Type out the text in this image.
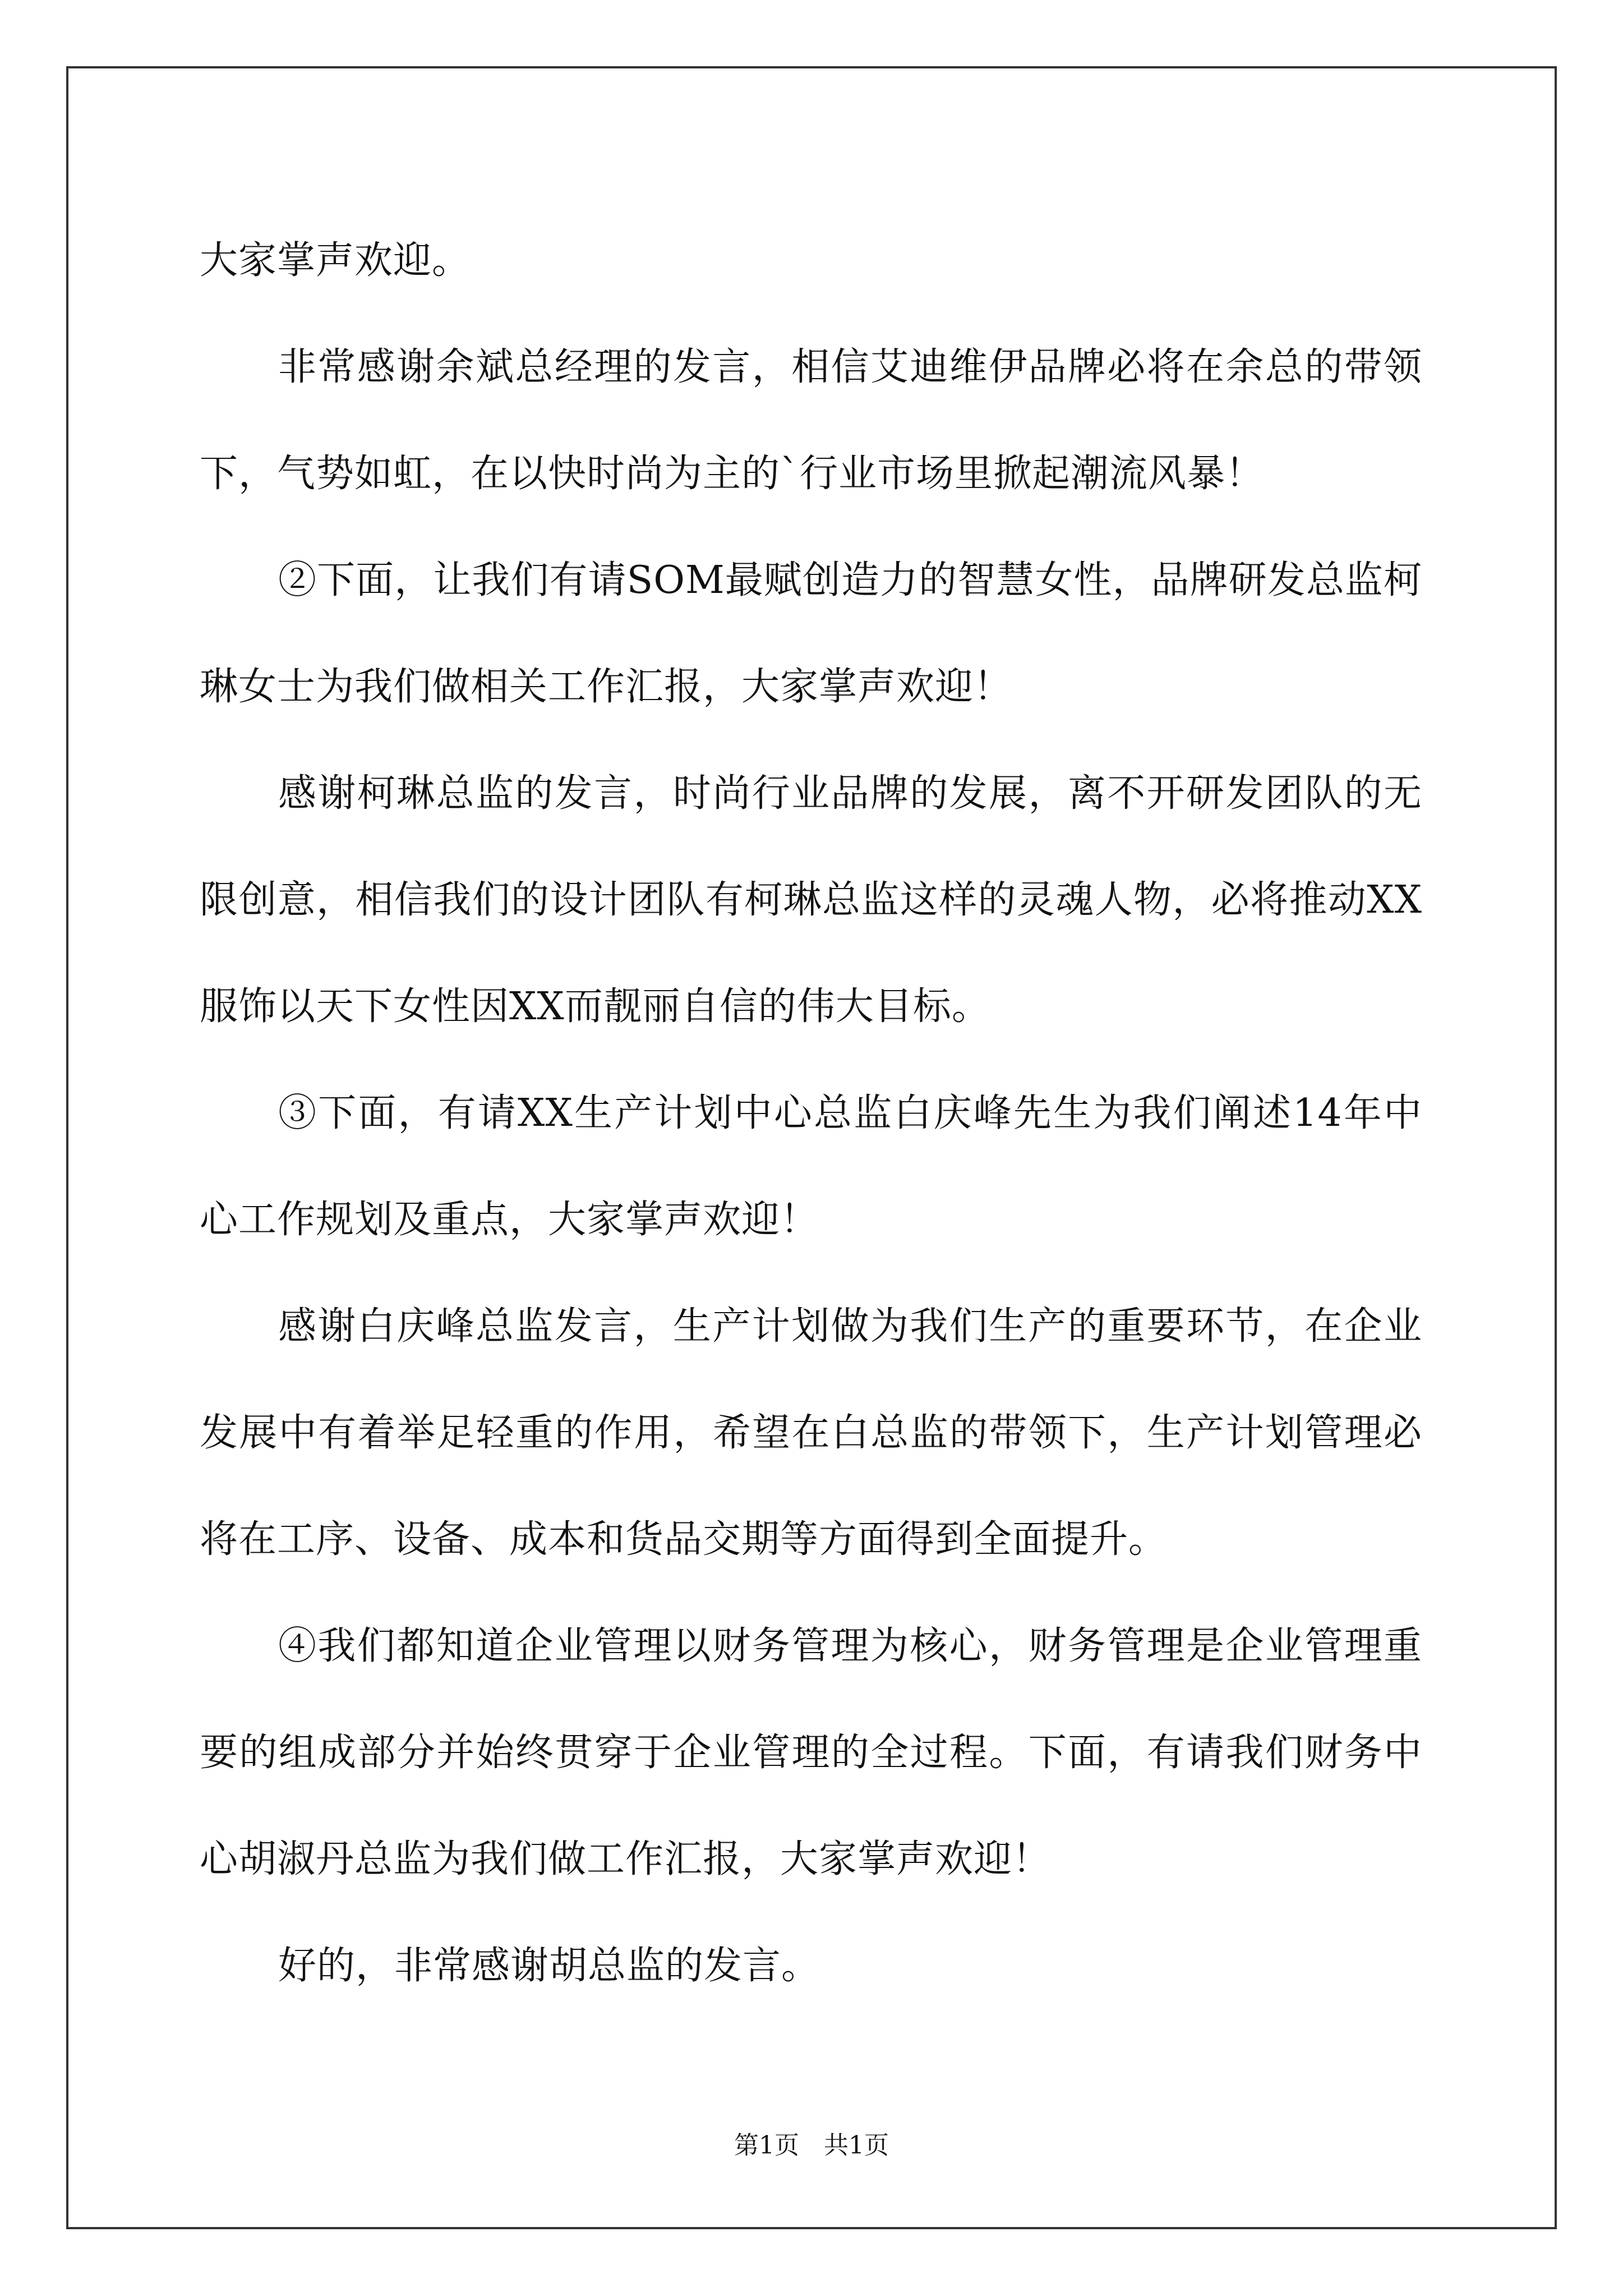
大家掌声欢迎。

非常感谢余斌总经理的发言，相信艾迪维伊品牌必将在余总的带领下，气势如虹，在以快时尚为主的`行业市场里掀起潮流风暴！

②下面，让我们有请SOM最赋创造力的智慧女性，品牌研发总监柯琳女士为我们做相关工作汇报，大家掌声欢迎！

感谢柯琳总监的发言，时尚行业品牌的发展，离不开研发团队的无限创意，相信我们的设计团队有柯琳总监这样的灵魂人物，必将推动XX服饰以天下女性因XX而靓丽自信的伟大目标。

③下面，有请XX生产计划中心总监白庆峰先生为我们阐述14年中心工作规划及重点，大家掌声欢迎！

感谢白庆峰总监发言，生产计划做为我们生产的重要环节，在企业发展中有着举足轻重的作用，希望在白总监的带领下，生产计划管理必将在工序、设备、成本和货品交期等方面得到全面提升。

④我们都知道企业管理以财务管理为核心，财务管理是企业管理重要的组成部分并始终贯穿于企业管理的全过程。下面，有请我们财务中心胡淑丹总监为我们做工作汇报，大家掌声欢迎！

好的，非常感谢胡总监的发言。

第1页　共1页
